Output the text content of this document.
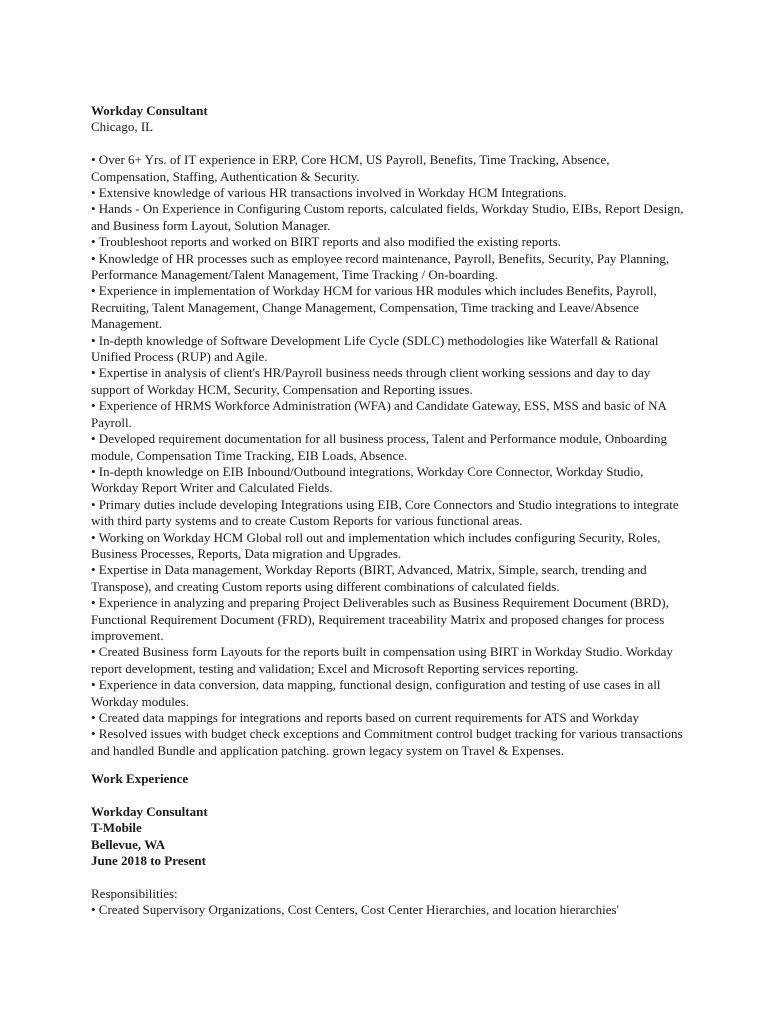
Workday Consultant

Chicago, IL

• Over 6+ Yrs. of IT experience in ERP, Core HCM, US Payroll, Benefits, Time Tracking, Absence, Compensation, Staffing, Authentication & Security.
• Extensive knowledge of various HR transactions involved in Workday HCM Integrations.
• Hands - On Experience in Configuring Custom reports, calculated fields, Workday Studio, EIBs, Report Design, and Business form Layout, Solution Manager.
• Troubleshoot reports and worked on BIRT reports and also modified the existing reports.
• Knowledge of HR processes such as employee record maintenance, Payroll, Benefits, Security, Pay Planning, Performance Management/Talent Management, Time Tracking / On-boarding.
• Experience in implementation of Workday HCM for various HR modules which includes Benefits, Payroll, Recruiting, Talent Management, Change Management, Compensation, Time tracking and Leave/Absence Management.
• In-depth knowledge of Software Development Life Cycle (SDLC) methodologies like Waterfall & Rational Unified Process (RUP) and Agile.
• Expertise in analysis of client's HR/Payroll business needs through client working sessions and day to day support of Workday HCM, Security, Compensation and Reporting issues.
• Experience of HRMS Workforce Administration (WFA) and Candidate Gateway, ESS, MSS and basic of NA Payroll.
• Developed requirement documentation for all business process, Talent and Performance module, Onboarding module, Compensation Time Tracking, EIB Loads, Absence.
• In-depth knowledge on EIB Inbound/Outbound integrations, Workday Core Connector, Workday Studio, Workday Report Writer and Calculated Fields.
• Primary duties include developing Integrations using EIB, Core Connectors and Studio integrations to integrate with third party systems and to create Custom Reports for various functional areas.
• Working on Workday HCM Global roll out and implementation which includes configuring Security, Roles, Business Processes, Reports, Data migration and Upgrades.
• Expertise in Data management, Workday Reports (BIRT, Advanced, Matrix, Simple, search, trending and Transpose), and creating Custom reports using different combinations of calculated fields.
• Experience in analyzing and preparing Project Deliverables such as Business Requirement Document (BRD), Functional Requirement Document (FRD), Requirement traceability Matrix and proposed changes for process improvement.
• Created Business form Layouts for the reports built in compensation using BIRT in Workday Studio. Workday report development, testing and validation; Excel and Microsoft Reporting services reporting.
• Experience in data conversion, data mapping, functional design, configuration and testing of use cases in all Workday modules.
• Created data mappings for integrations and reports based on current requirements for ATS and Workday
• Resolved issues with budget check exceptions and Commitment control budget tracking for various transactions and handled Bundle and application patching. grown legacy system on Travel & Expenses.

Work Experience

Workday Consultant

T-Mobile

Bellevue, WA

June 2018 to Present

Responsibilities:

• Created Supervisory Organizations, Cost Centers, Cost Center Hierarchies, and location hierarchies'
